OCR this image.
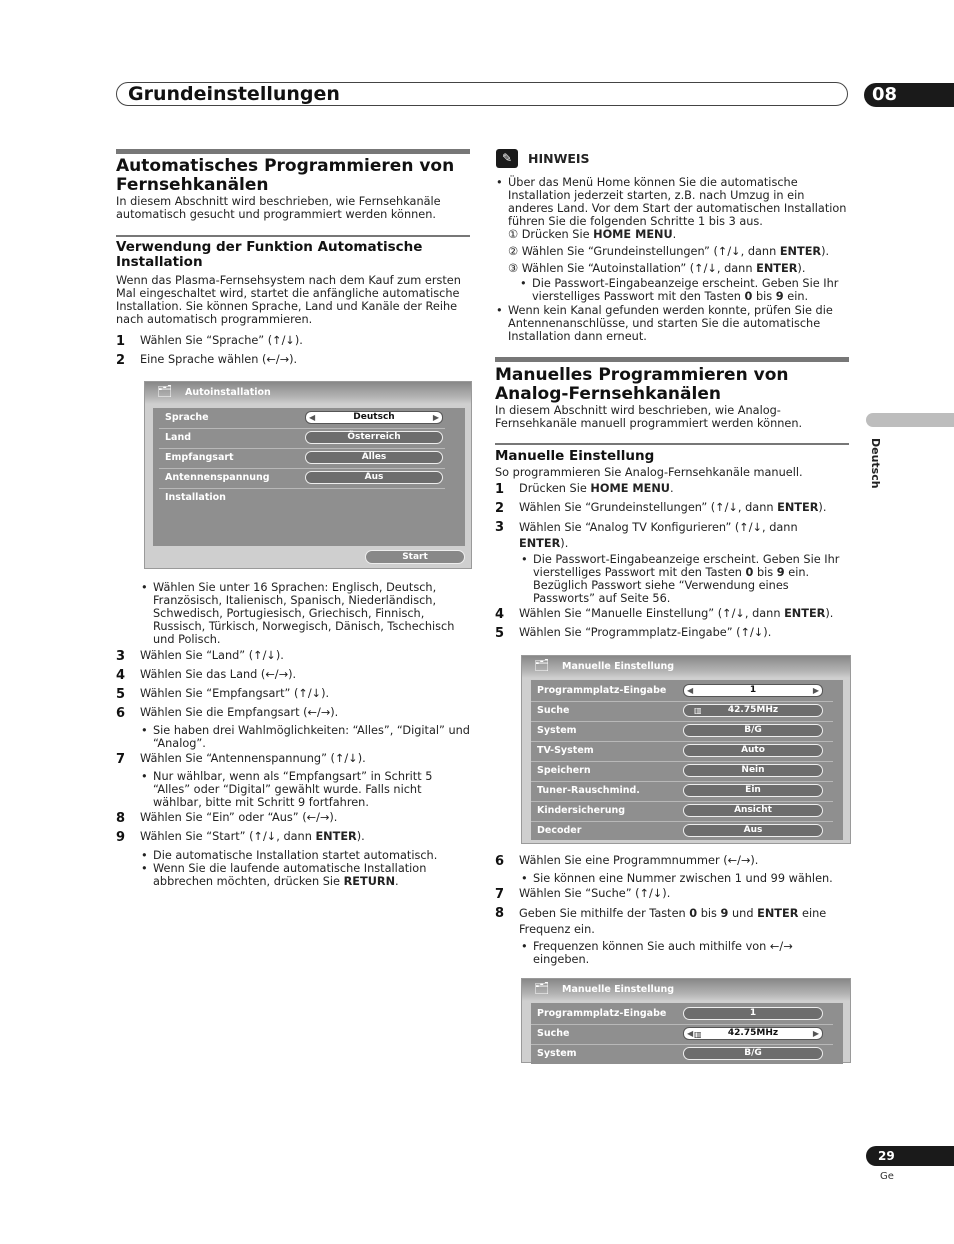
Grundeinstellungen	08
Deutsch
Automatisches Programmieren von Fernsehkanälen
In diesem Abschnitt wird beschrieben, wie Fernsehkanäle automatisch gesucht und programmiert werden können.
Verwendung der Funktion Automatische Installation
Wenn das Plasma-Fernsehsystem nach dem Kauf zum ersten Mal eingeschaltet wird, startet die anfängliche automatische Installation. Sie können Sprache, Land und Kanäle der Reihe nach automatisch programmieren.
1 Wählen Sie “Sprache” (↑/↓).
2 Eine Sprache wählen (←/→).
🗂 Autoinstallation
Sprache	◀	Deutsch	▶
Land	Österreich
Empfangsart	Alles
Antennenspannung	Aus
Installation
Start
• Wählen Sie unter 16 Sprachen: Englisch, Deutsch, Französisch, Italienisch, Spanisch, Niederländisch, Schwedisch, Portugiesisch, Griechisch, Finnisch, Russisch, Türkisch, Norwegisch, Dänisch, Tschechisch und Polisch.
3 Wählen Sie “Land” (↑/↓).
4 Wählen Sie das Land (←/→).
5 Wählen Sie “Empfangsart” (↑/↓).
6 Wählen Sie die Empfangsart (←/→).
• Sie haben drei Wahlmöglichkeiten: “Alles”, “Digital” und “Analog”.
7 Wählen Sie “Antennenspannung” (↑/↓).
• Nur wählbar, wenn als “Empfangsart” in Schritt 5 “Alles” oder “Digital” gewählt wurde. Falls nicht wählbar, bitte mit Schritt 9 fortfahren.
8 Wählen Sie “Ein” oder “Aus” (←/→).
9 Wählen Sie “Start” (↑/↓, dann ENTER).
• Die automatische Installation startet automatisch.
• Wenn Sie die laufende automatische Installation abbrechen möchten, drücken Sie RETURN.
✎	HINWEIS
• Über das Menü Home können Sie die automatische Installation jederzeit starten, z.B. nach Umzug in ein anderes Land. Vor dem Start der automatischen Installation führen Sie die folgenden Schritte 1 bis 3 aus.
① Drücken Sie HOME MENU.
② Wählen Sie “Grundeinstellungen” (↑/↓, dann ENTER).
③ Wählen Sie “Autoinstallation” (↑/↓, dann ENTER).
• Die Passwort-Eingabeanzeige erscheint. Geben Sie Ihr vierstelliges Passwort mit den Tasten 0 bis 9 ein.
• Wenn kein Kanal gefunden werden konnte, prüfen Sie die Antennenanschlüsse, und starten Sie die automatische Installation dann erneut.
Manuelles Programmieren von Analog-Fernsehkanälen
In diesem Abschnitt wird beschrieben, wie Analog-Fernsehkanäle manuell programmiert werden können.
Manuelle Einstellung
So programmieren Sie Analog-Fernsehkanäle manuell.
1 Drücken Sie HOME MENU.
2 Wählen Sie “Grundeinstellungen” (↑/↓, dann ENTER).
3 Wählen Sie “Analog TV Konfigurieren” (↑/↓, dann ENTER).
• Die Passwort-Eingabeanzeige erscheint. Geben Sie Ihr vierstelliges Passwort mit den Tasten 0 bis 9 ein. Bezüglich Passwort siehe “Verwendung eines Passworts” auf Seite 56.
4 Wählen Sie “Manuelle Einstellung” (↑/↓, dann ENTER).
5 Wählen Sie “Programmplatz-Eingabe” (↑/↓).
🗂 Manuelle Einstellung
Programmplatz-Eingabe	◀	1	▶
Suche	▥	42.75MHz
System	B/G
TV-System	Auto
Speichern	Nein
Tuner-Rauschmind.	Ein
Kindersicherung	Ansicht
Decoder	Aus
6 Wählen Sie eine Programmnummer (←/→).
• Sie können eine Nummer zwischen 1 und 99 wählen.
7 Wählen Sie “Suche” (↑/↓).
8 Geben Sie mithilfe der Tasten 0 bis 9 und ENTER eine Frequenz ein.
• Frequenzen können Sie auch mithilfe von ←/→ eingeben.
🗂 Manuelle Einstellung
Programmplatz-Eingabe	1
Suche	◀ ▥	42.75MHz	▶
System	B/G
29
Ge
